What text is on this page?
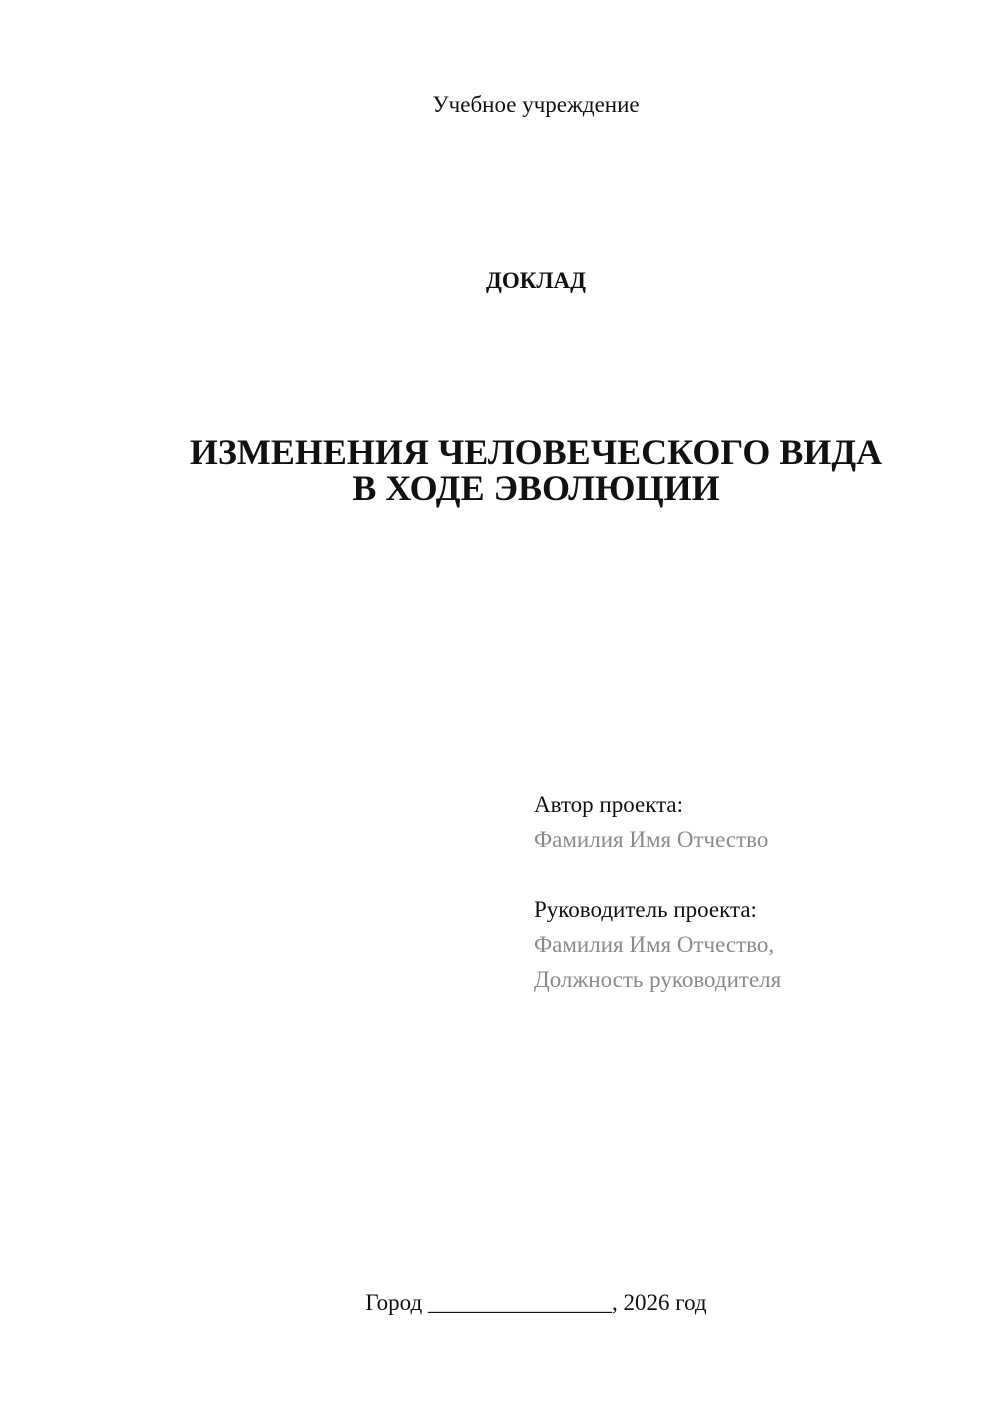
Учебное учреждение
ДОКЛАД
ИЗМЕНЕНИЯ ЧЕЛОВЕЧЕСКОГО ВИДА
В ХОДЕ ЭВОЛЮЦИИ
Автор проекта:
Фамилия Имя Отчество
Руководитель проекта:
Фамилия Имя Отчество,
Должность руководителя
Город ________________, 2026 год
